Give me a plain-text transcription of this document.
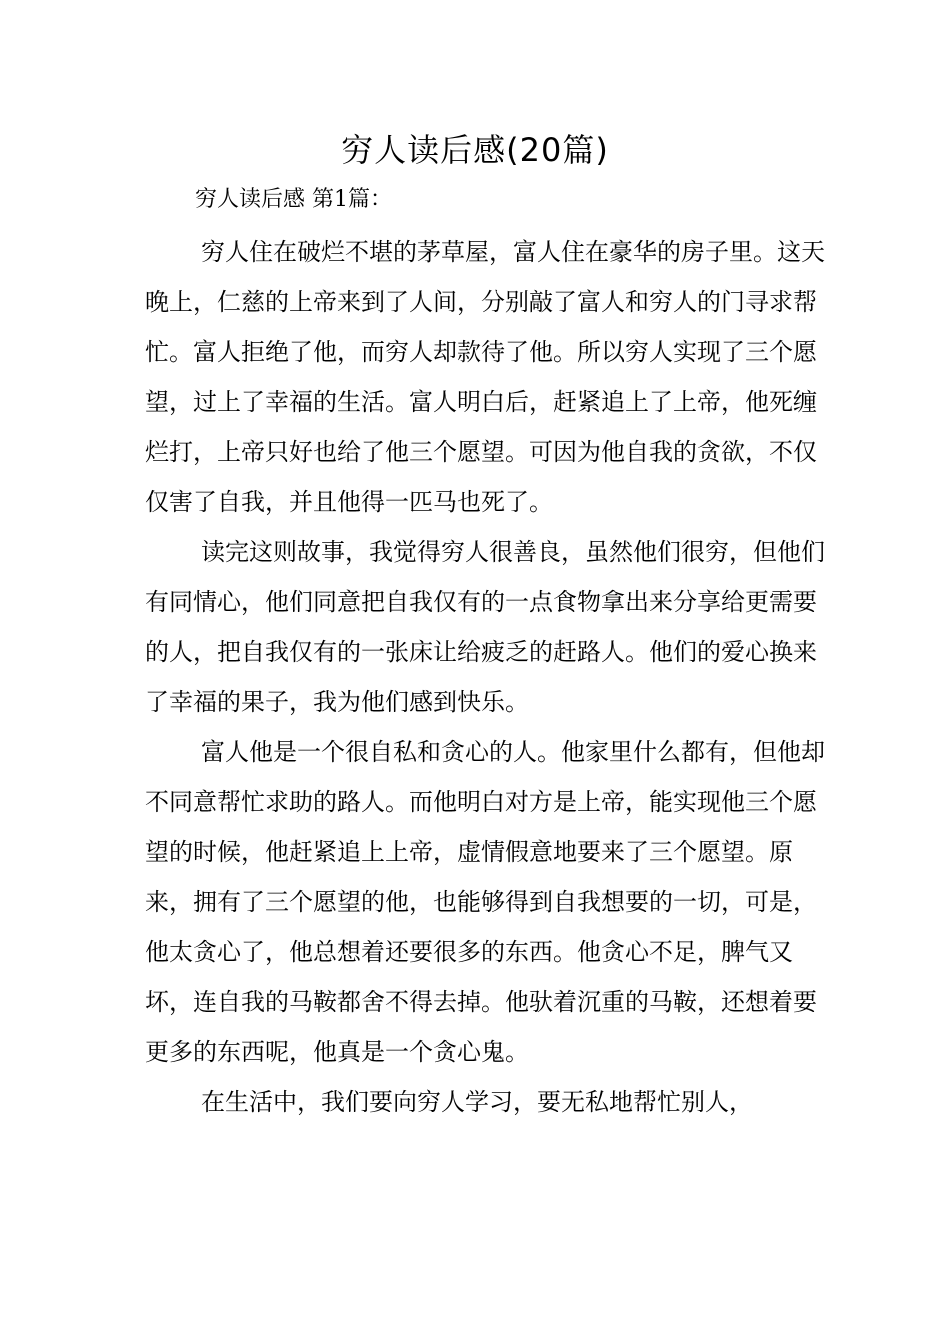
穷人读后感(20篇)

穷人读后感 第1篇：

穷人住在破烂不堪的茅草屋，富人住在豪华的房子里。这天晚上，仁慈的上帝来到了人间，分别敲了富人和穷人的门寻求帮忙。富人拒绝了他，而穷人却款待了他。所以穷人实现了三个愿望，过上了幸福的生活。富人明白后，赶紧追上了上帝，他死缠烂打，上帝只好也给了他三个愿望。可因为他自我的贪欲，不仅仅害了自我，并且他得一匹马也死了。

读完这则故事，我觉得穷人很善良，虽然他们很穷，但他们有同情心，他们同意把自我仅有的一点食物拿出来分享给更需要的人，把自我仅有的一张床让给疲乏的赶路人。他们的爱心换来了幸福的果子，我为他们感到快乐。

富人他是一个很自私和贪心的人。他家里什么都有，但他却不同意帮忙求助的路人。而他明白对方是上帝，能实现他三个愿望的时候，他赶紧追上上帝，虚情假意地要来了三个愿望。原来，拥有了三个愿望的他，也能够得到自我想要的一切，可是，他太贪心了，他总想着还要很多的东西。他贪心不足，脾气又坏，连自我的马鞍都舍不得去掉。他驮着沉重的马鞍，还想着要更多的东西呢，他真是一个贪心鬼。

在生活中，我们要向穷人学习，要无私地帮忙别人，
